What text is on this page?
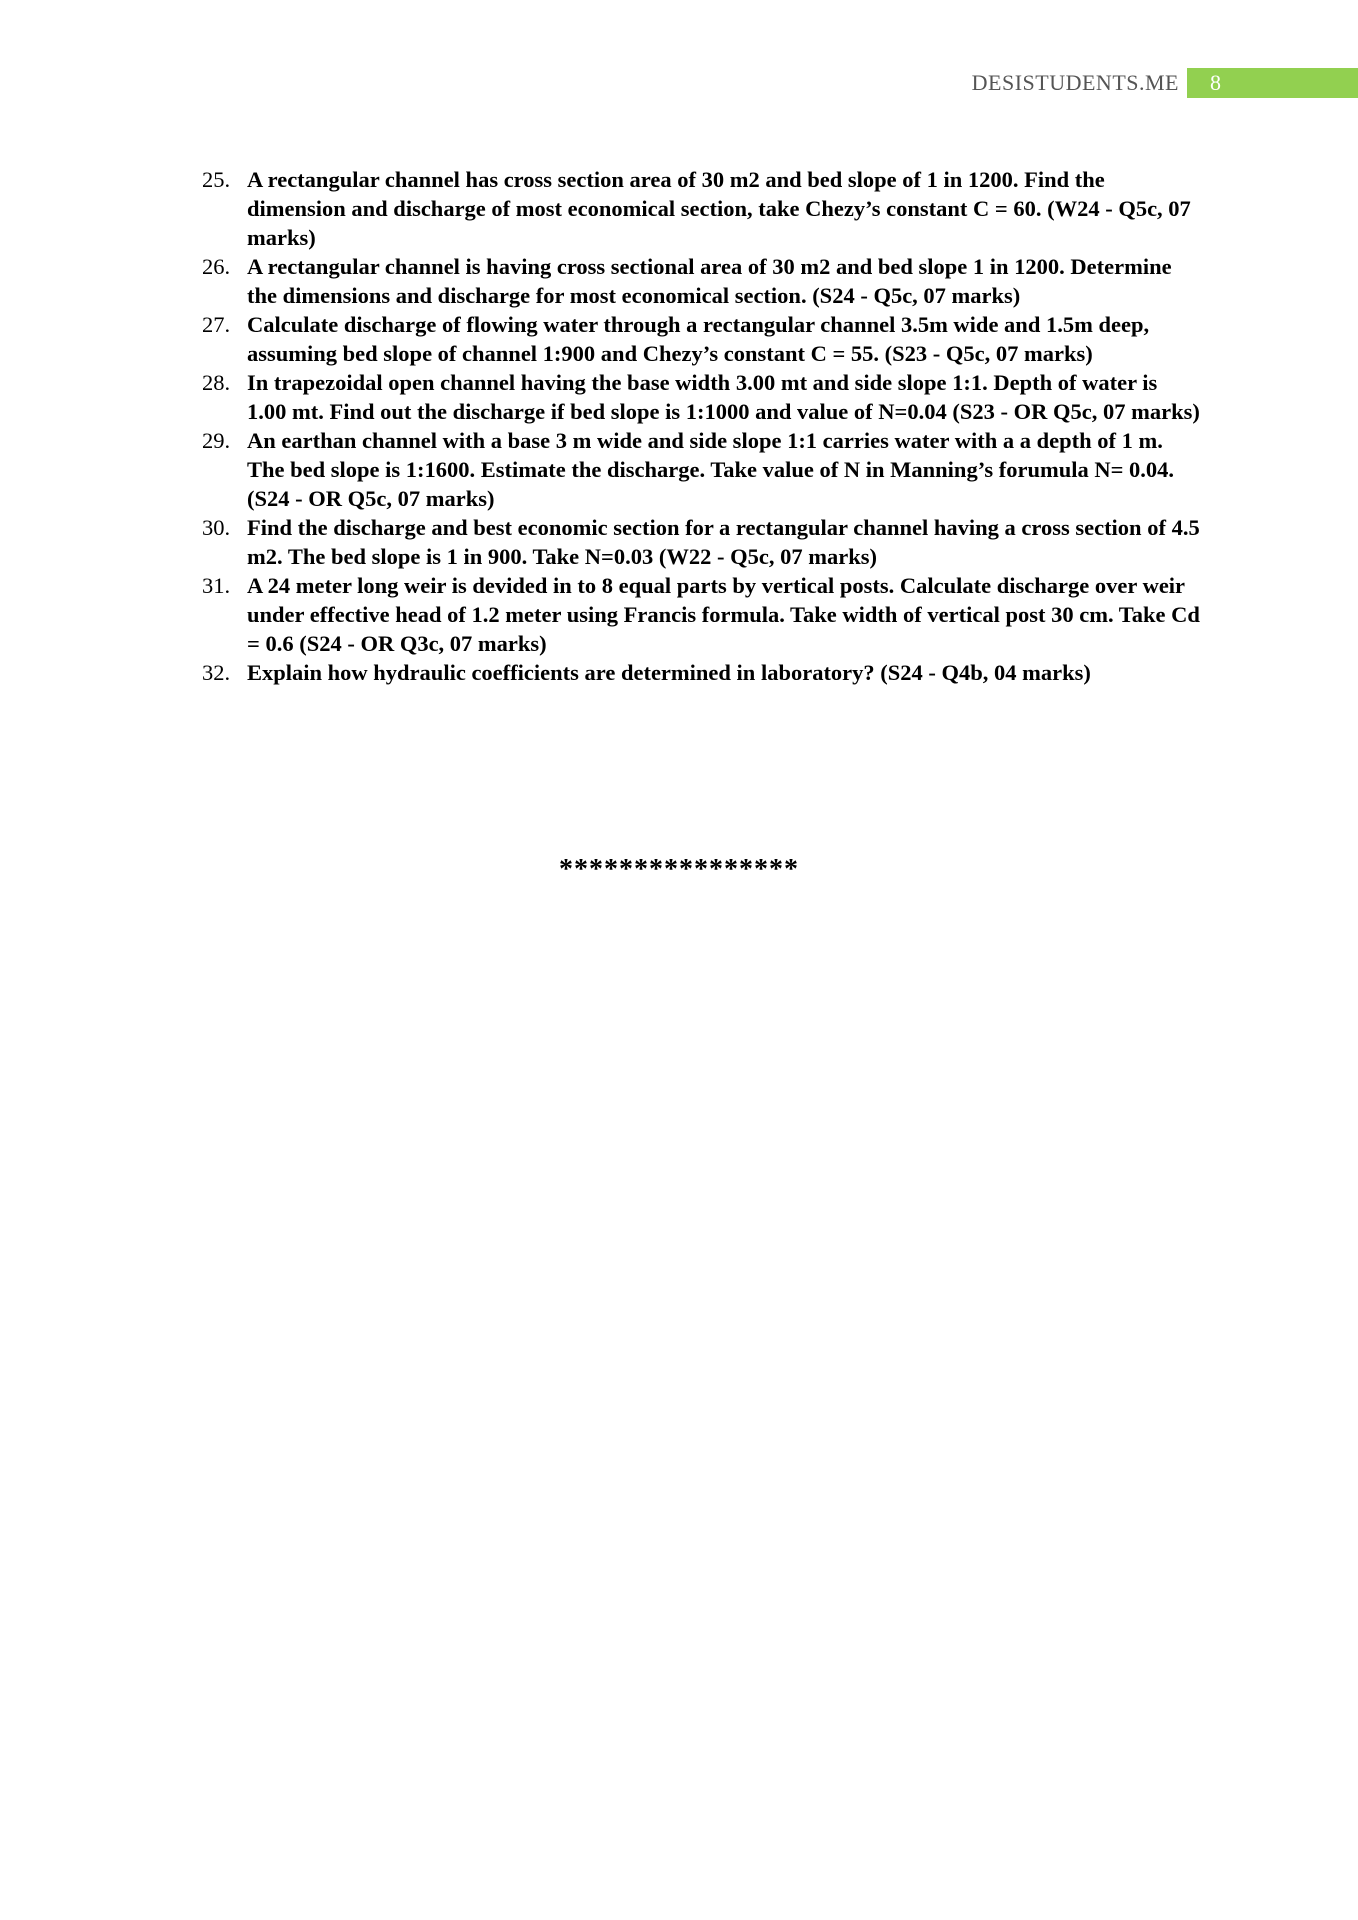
DESISTUDENTS.ME	8
25. A rectangular channel has cross section area of 30 m2 and bed slope of 1 in 1200. Find the dimension and discharge of most economical section, take Chezy’s constant C = 60. (W24 - Q5c, 07 marks)
26. A rectangular channel is having cross sectional area of 30 m2 and bed slope 1 in 1200. Determine the dimensions and discharge for most economical section. (S24 - Q5c, 07 marks)
27. Calculate discharge of flowing water through a rectangular channel 3.5m wide and 1.5m deep, assuming bed slope of channel 1:900 and Chezy’s constant C = 55. (S23 - Q5c, 07 marks)
28. In trapezoidal open channel having the base width 3.00 mt and side slope 1:1. Depth of water is 1.00 mt. Find out the discharge if bed slope is 1:1000 and value of N=0.04 (S23 - OR Q5c, 07 marks)
29. An earthan channel with a base 3 m wide and side slope 1:1 carries water with a a depth of 1 m. The bed slope is 1:1600. Estimate the discharge. Take value of N in Manning’s forumula N= 0.04. (S24 - OR Q5c, 07 marks)
30. Find the discharge and best economic section for a rectangular channel having a cross section of 4.5 m2. The bed slope is 1 in 900. Take N=0.03 (W22 - Q5c, 07 marks)
31. A 24 meter long weir is devided in to 8 equal parts by vertical posts. Calculate discharge over weir under effective head of 1.2 meter using Francis formula. Take width of vertical post 30 cm. Take Cd = 0.6 (S24 - OR Q3c, 07 marks)
32. Explain how hydraulic coefficients are determined in laboratory? (S24 - Q4b, 04 marks)
****************
